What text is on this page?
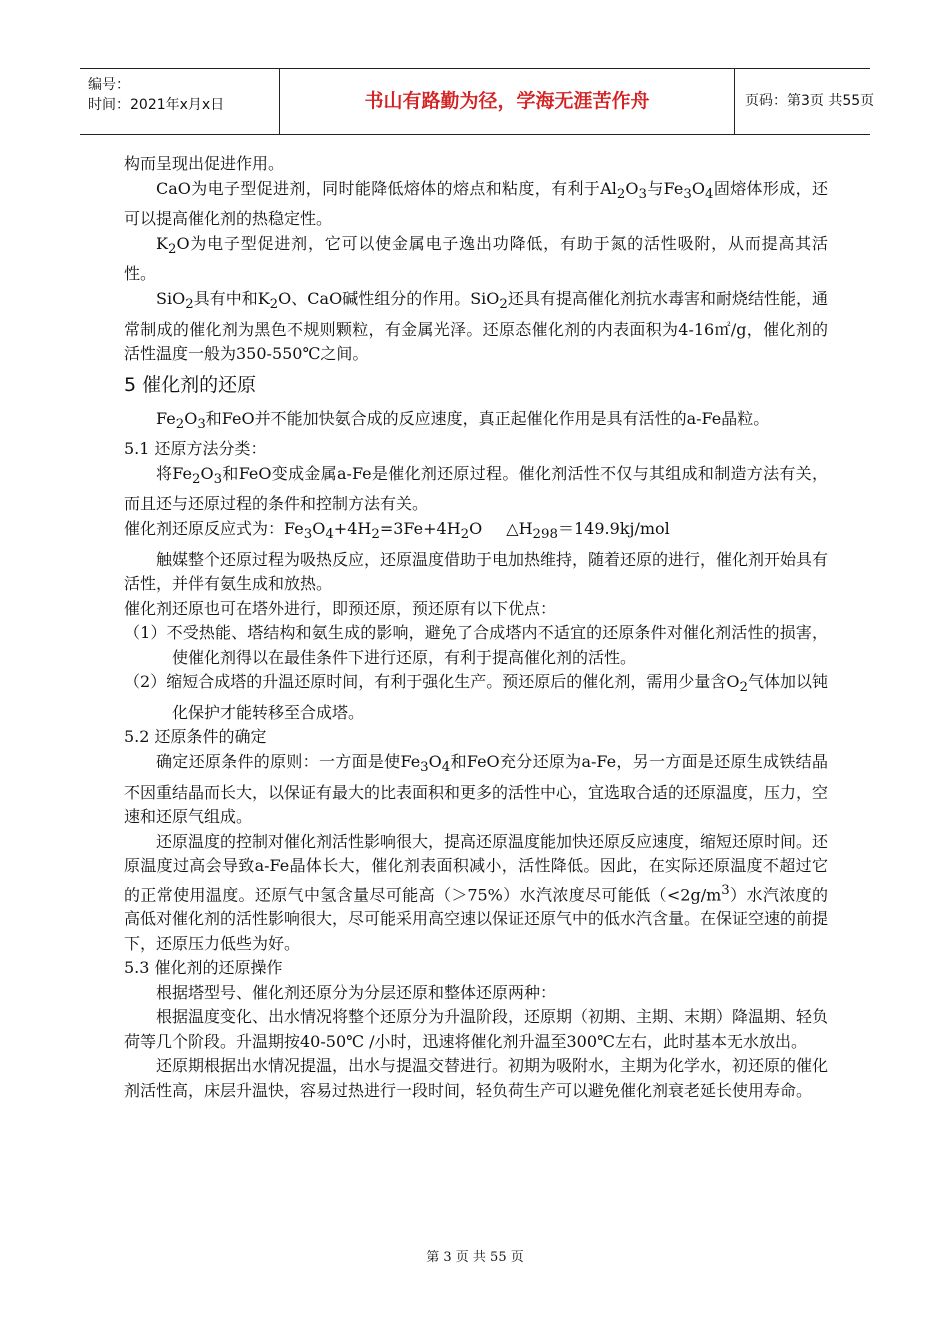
编号：
时间：2021年x月x日	书山有路勤为径，学海无涯苦作舟	页码：第3页 共55页

构而呈现出促进作用。

CaO为电子型促进剂，同时能降低熔体的熔点和粘度，有利于$Al_2O_3$与$Fe_3O_4$固熔体形成，还可以提高催化剂的热稳定性。

$K_2O$为电子型促进剂，它可以使金属电子逸出功降低，有助于氮的活性吸附，从而提高其活性。

SiO$_2$具有中和$K_2O$、CaO碱性组分的作用。SiO$_2$还具有提高催化剂抗水毒害和耐烧结性能，通常制成的催化剂为黑色不规则颗粒，有金属光泽。还原态催化剂的内表面积为4-16㎡/g，催化剂的活性温度一般为350-550℃之间。

5 催化剂的还原

$Fe_2O_3$和FeO并不能加快氨合成的反应速度，真正起催化作用是具有活性的a-Fe晶粒。

5.1 还原方法分类：

将$Fe_2O_3$和FeO变成金属a-Fe是催化剂还原过程。催化剂活性不仅与其组成和制造方法有关，而且还与还原过程的条件和控制方法有关。

催化剂还原反应式为：$Fe_3O_4+4H_2=3Fe+4H_2O$ $\triangle H_{298}=149.9kj$/mol

触媒整个还原过程为吸热反应，还原温度借助于电加热维持，随着还原的进行，催化剂开始具有活性，并伴有氨生成和放热。

催化剂还原也可在塔外进行，即预还原，预还原有以下优点：

（1）不受热能、塔结构和氨生成的影响，避免了合成塔内不适宜的还原条件对催化剂活性的损害，使催化剂得以在最佳条件下进行还原，有利于提高催化剂的活性。

（2）缩短合成塔的升温还原时间，有利于强化生产。预还原后的催化剂，需用少量含$O_2$气体加以钝化保护才能转移至合成塔。

5.2 还原条件的确定

确定还原条件的原则：一方面是使$Fe_3O_4$和FeO充分还原为a-Fe，另一方面是还原生成铁结晶不因重结晶而长大，以保证有最大的比表面积和更多的活性中心，宜选取合适的还原温度，压力，空速和还原气组成。

还原温度的控制对催化剂活性影响很大，提高还原温度能加快还原反应速度，缩短还原时间。还原温度过高会导致a-Fe晶体长大，催化剂表面积减小，活性降低。因此，在实际还原温度不超过它的正常使用温度。还原气中氢含量尽可能高（＞75%）水汽浓度尽可能低$(<2g/m^3)$水汽浓度的高低对催化剂的活性影响很大，尽可能采用高空速以保证还原气中的低水汽含量。在保证空速的前提下，还原压力低些为好。

5.3 催化剂的还原操作

根据塔型号、催化剂还原分为分层还原和整体还原两种：

根据温度变化、出水情况将整个还原分为升温阶段，还原期（初期、主期、末期）降温期、轻负荷等几个阶段。升温期按40-50℃ /小时，迅速将催化剂升温至300℃左右，此时基本无水放出。

还原期根据出水情况提温，出水与提温交替进行。初期为吸附水，主期为化学水，初还原的催化剂活性高，床层升温快，容易过热进行一段时间，轻负荷生产可以避免催化剂衰老延长使用寿命。

第 3 页 共 55 页
